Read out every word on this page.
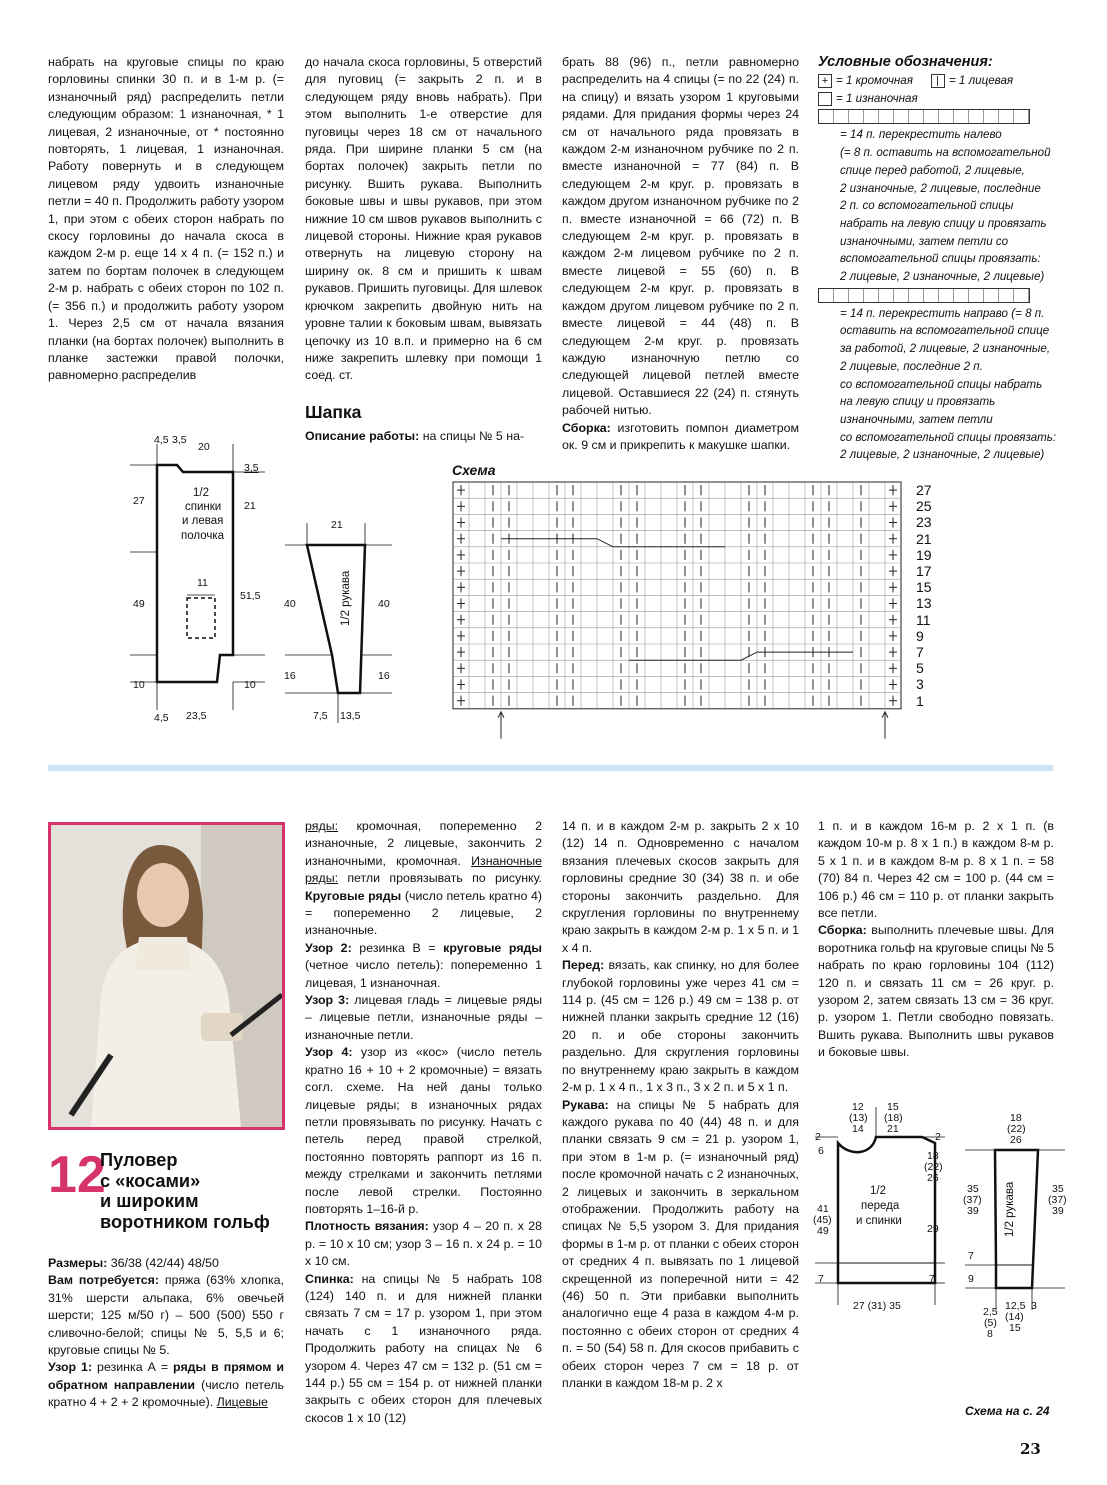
набрать на круговые спицы по краю горловины спинки 30 п. и в 1-м р. (= изнаночный ряд) распределить петли следующим образом: 1 изнаночная, * 1 лицевая, 2 изнаночные, от * постоянно повторять, 1 лицевая, 1 изнаночная. Работу повернуть и в следующем лицевом ряду удвоить изнаночные петли = 40 п. Продолжить работу узором 1, при этом с обеих сторон набрать по скосу горловины до начала скоса в каждом 2-м р. еще 14 х 4 п. (= 152 п.) и затем по бортам полочек в следующем 2-м р. набрать с обеих сторон по 102 п. (= 356 п.) и продолжить работу узором 1. Через 2,5 см от начала вязания планки (на бортах полочек) выполнить в планке застежки правой полочки, равномерно распределив

до начала скоса горловины, 5 отверстий для пуговиц (= закрыть 2 п. и в следующем ряду вновь набрать). При этом выполнить 1-е отверстие для пуговицы через 18 см от начального ряда. При ширине планки 5 см (на бортах полочек) закрыть петли по рисунку. Вшить рукава. Выполнить боковые швы и швы рукавов, при этом нижние 10 см швов рукавов выполнить с лицевой стороны. Нижние края рукавов отвернуть на лицевую сторону на ширину ок. 8 см и пришить к швам рукавов. Пришить пуговицы. Для шлевок крючком закрепить двойную нить на уровне талии к боковым швам, вывязать цепочку из 10 в.п. и примерно на 6 см ниже закрепить шлевку при помощи 1 соед. ст.

Шапка

Описание работы: на спицы № 5 на-

брать 88 (96) п., петли равномерно распределить на 4 спицы (= по 22 (24) п. на спицу) и вязать узором 1 круговыми рядами. Для придания формы через 24 см от начального ряда провязать в каждом 2-м изнаночном рубчике по 2 п. вместе изнаночной = 77 (84) п. В следующем 2-м круг. р. провязать в каждом другом изнаночном рубчике по 2 п. вместе изнаночной = 66 (72) п. В следующем 2-м круг. р. провязать в каждом 2-м лицевом рубчике по 2 п. вместе лицевой = 55 (60) п. В следующем 2-м круг. р. провязать в каждом другом лицевом рубчике по 2 п. вместе лицевой = 44 (48) п. В следующем 2-м круг. р. провязать каждую изнаночную петлю со следующей лицевой петлей вместе лицевой. Оставшиеся 22 (24) п. стянуть рабочей нитью.

Сборка: изготовить помпон диаметром ок. 9 см и прикрепить к макушке шапки.

Условные обозначения:
+ = 1 кромочная	= 1 лицевая
= 1 изнаночная
= 14 п. перекрестить налево
(= 8 п. оставить на вспомогательной
спице перед работой, 2 лицевые,
2 изнаночные, 2 лицевые, последние
2 п. со вспомогательной спицы
набрать на левую спицу и провязать
изнаночными, затем петли со
вспомогательной спицы провязать:
2 лицевые, 2 изнаночные, 2 лицевые)
= 14 п. перекрестить направо (= 8 п.
оставить на вспомогательной спице
за работой, 2 лицевые, 2 изнаночные,
2 лицевые, последние 2 п.
со вспомогательной спицы набрать
на левую спицу и провязать
изнаночными, затем петли
со вспомогательной спицы провязать:
2 лицевые, 2 изнаночные, 2 лицевые)
4,5 3,5
20
3,5
1/2
спинки
и левая
полочка
11
27
49
10
21
51,5
10
4,5 23,5
21
1/2 рукава
40
16
40
16
7,5 13,5
Схема
27
25
23
21
19
17
15
13
11
9
7
5
3
1
12
Пуловер
с «косами»
и широким
воротником гольф

Размеры: 36/38 (42/44) 48/50

Вам потребуется: пряжа (63% хлопка, 31% шерсти альпака, 6% овечьей шерсти; 125 м/50 г) – 500 (500) 550 г сливочно-белой; спицы № 5, 5,5 и 6; круговые спицы № 5.

Узор 1: резинка А = ряды в прямом и обратном направлении (число петель кратно 4 + 2 + 2 кромочные). Лицевые

ряды: кромочная, попеременно 2 изнаночные, 2 лицевые, закончить 2 изнаночными, кромочная. Изнаночные ряды: петли провязывать по рисунку. Круговые ряды (число петель кратно 4) = попеременно 2 лицевые, 2 изнаночные.

Узор 2: резинка В = круговые ряды (четное число петель): попеременно 1 лицевая, 1 изнаночная.

Узор 3: лицевая гладь = лицевые ряды – лицевые петли, изнаночные ряды – изнаночные петли.

Узор 4: узор из «кос» (число петель кратно 16 + 10 + 2 кромочные) = вязать согл. схеме. На ней даны только лицевые ряды; в изнаночных рядах петли провязывать по рисунку. Начать с петель перед правой стрелкой, постоянно повторять раппорт из 16 п. между стрелками и закончить петлями после левой стрелки. Постоянно повторять 1–16-й р.

Плотность вязания: узор 4 – 20 п. х 28 р. = 10 х 10 см; узор 3 – 16 п. х 24 р. = 10 х 10 см.

Спинка: на спицы № 5 набрать 108 (124) 140 п. и для нижней планки связать 7 см = 17 р. узором 1, при этом начать с 1 изнаночного ряда. Продолжить работу на спицах № 6 узором 4. Через 47 см = 132 р. (51 см = 144 р.) 55 см = 154 р. от нижней планки закрыть с обеих сторон для плечевых скосов 1 х 10 (12)

14 п. и в каждом 2-м р. закрыть 2 х 10 (12) 14 п. Одновременно с началом вязания плечевых скосов закрыть для горловины средние 30 (34) 38 п. и обе стороны закончить раздельно. Для скругления горловины по внутреннему краю закрыть в каждом 2-м р. 1 х 5 п. и 1 х 4 п.

Перед: вязать, как спинку, но для более глубокой горловины уже через 41 см = 114 р. (45 см = 126 р.) 49 см = 138 р. от нижней планки закрыть средние 12 (16) 20 п. и обе стороны закончить раздельно. Для скругления горловины по внутреннему краю закрыть в каждом 2-м р. 1 х 4 п., 1 х 3 п., 3 х 2 п. и 5 х 1 п.

Рукава: на спицы № 5 набрать для каждого рукава по 40 (44) 48 п. и для планки связать 9 см = 21 р. узором 1, при этом в 1-м р. (= изнаночный ряд) после кромочной начать с 2 изнаночных, 2 лицевых и закончить в зеркальном отображении. Продолжить работу на спицах № 5,5 узором 3. Для придания формы в 1-м р. от планки с обеих сторон от средних 4 п. вывязать по 1 лицевой скрещенной из поперечной нити = 42 (46) 50 п. Эти прибавки выполнить аналогично еще 4 раза в каждом 4-м р. постоянно с обеих сторон от средних 4 п. = 50 (54) 58 п. Для скосов прибавить с обеих сторон через 7 см = 18 р. от планки в каждом 18-м р. 2 х

1 п. и в каждом 16-м р. 2 х 1 п. (в каждом 10-м р. 8 х 1 п.) в каждом 8-м р. 5 х 1 п. и в каждом 8-м р. 8 х 1 п. = 58 (70) 84 п. Через 42 см = 100 р. (44 см = 106 р.) 46 см = 110 р. от планки закрыть все петли.

Сборка: выполнить плечевые швы. Для воротника гольф на круговые спицы № 5 набрать по краю горловины 104 (112) 120 п. и связать 11 см = 26 круг. р. узором 2, затем связать 13 см = 36 круг. р. узором 1. Петли свободно повязать. Вшить рукава. Выполнить швы рукавов и боковые швы.

12
(13)
14
15
(18)
21
2	2
6	18
(22)
26
1/2
переда
и спинки
41
(45)
49	29
7	7
27 (31) 35
18
(22)
26
1/2 рукава
35
(37)
39
35
(37)
39
7
9
2,5
(5)
8
12,5
(14)
15
3
Схема на с. 24
23
